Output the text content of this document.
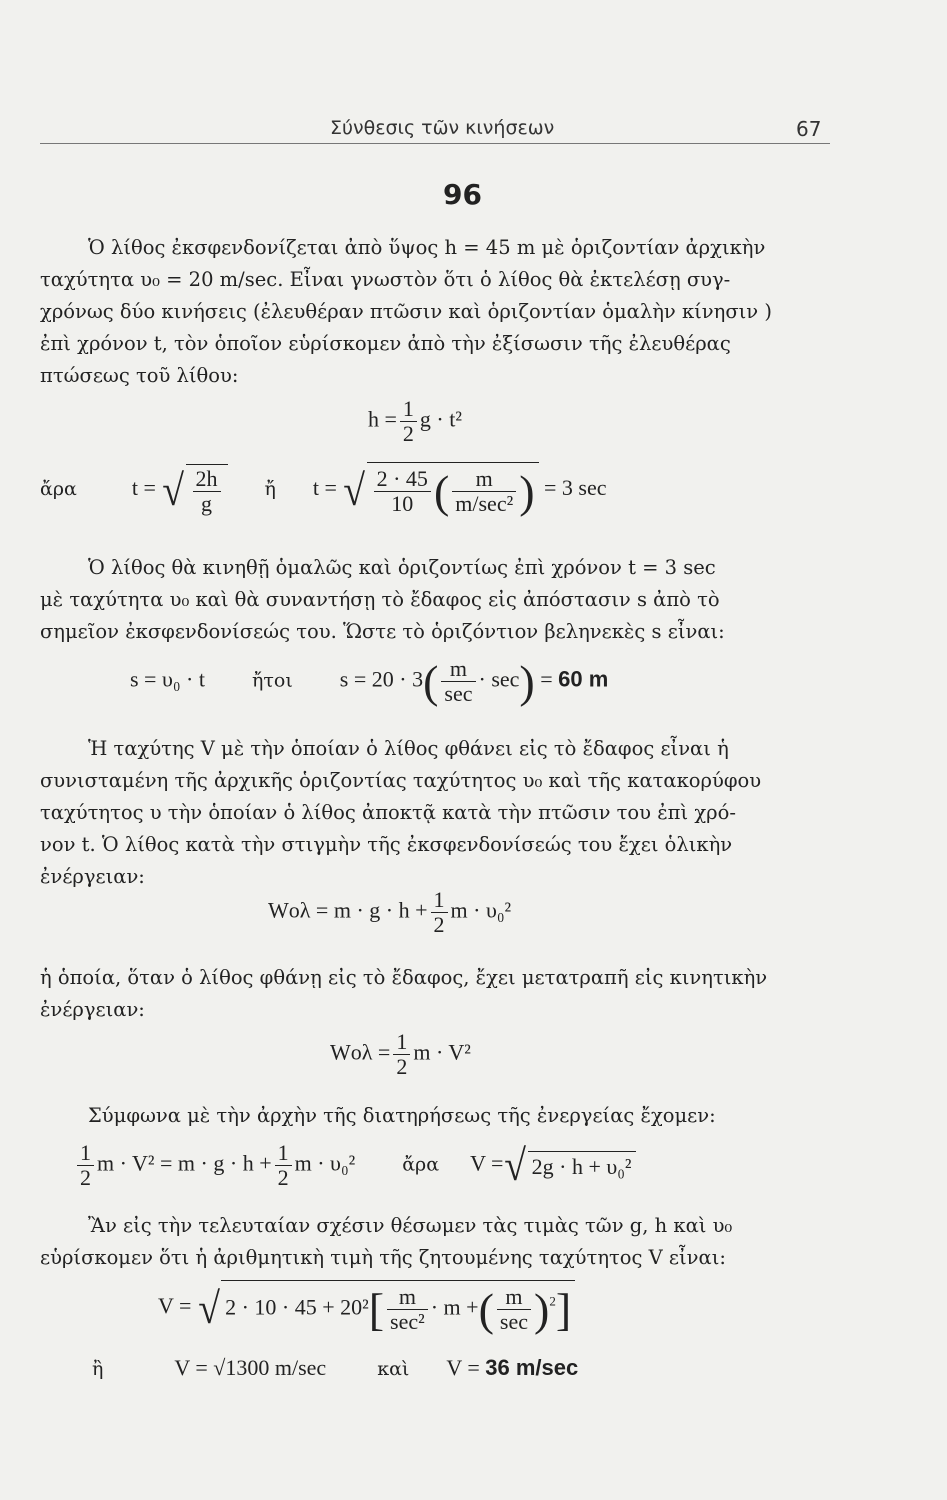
Σύνθεσις τῶν κινήσεων	67
96
Ὁ λίθος ἐκσφενδονίζεται ἀπὸ ὕψος h = 45 m μὲ ὁριζοντίαν ἀρχικὴν
ταχύτητα υ₀ = 20 m/sec. Εἶναι γνωστὸν ὅτι ὁ λίθος θὰ ἐκτελέσῃ συγ-
χρόνως δύο κινήσεις (ἐλευθέραν πτῶσιν καὶ ὁριζοντίαν ὁμαλὴν κίνησιν )
ἐπὶ χρόνον t, τὸν ὁποῖον εὑρίσκομεν ἀπὸ τὴν ἐξίσωσιν τῆς ἐλευθέρας
πτώσεως τοῦ λίθου:
$h = \frac{1}{2}$ g · t²
ἄρα	t = √ $\frac{2h}{g}$ ἤ t = √ $\frac{2 \cdot 45}{10}$ ( $\frac{m}{\text{m/sec²}}$ ) = 3 sec
Ὁ λίθος θὰ κινηθῇ ὁμαλῶς καὶ ὁριζοντίως ἐπὶ χρόνον t = 3 sec
μὲ ταχύτητα υ₀ καὶ θὰ συναντήσῃ τὸ ἔδαφος εἰς ἀπόστασιν s ἀπὸ τὸ
σημεῖον ἐκσφενδονίσεώς του. Ὥστε τὸ ὁριζόντιον βεληνεκὲς s εἶναι:
s = υ₀ · t ἤτοι $s = 20 \cdot 3( \frac{m}{\sec} \cdot \sec) = 60$ m
Ἡ ταχύτης V μὲ τὴν ὁποίαν ὁ λίθος φθάνει εἰς τὸ ἔδαφος εἶναι ἡ
συνισταμένη τῆς ἀρχικῆς ὁριζοντίας ταχύτητος υ₀ καὶ τῆς κατακορύφου
ταχύτητος υ τὴν ὁποίαν ὁ λίθος ἀποκτᾷ κατὰ τὴν πτῶσιν του ἐπὶ χρό-
νον t. Ὁ λίθος κατὰ τὴν στιγμὴν τῆς ἐκσφενδονίσεώς του ἔχει ὁλικὴν
ἐνέργειαν:
$Wo\lambda = m \cdot g \cdot h + \frac{1}{2}$ m · υ₀²
ἡ ὁποία, ὅταν ὁ λίθος φθάνῃ εἰς τὸ ἔδαφος, ἔχει μετατραπῆ εἰς κινητικὴν
ἐνέργειαν:
$Wo\lambda = \frac{1}{2}$ m · V²
Σύμφωνα μὲ τὴν ἀρχὴν τῆς διατηρήσεως τῆς ἐνεργείας ἔχομεν:
$\frac{1}{2}$ $m \cdot V^2 = m \cdot g \cdot h + \frac{1}{2}$ m · υ₀² ἄρα V =√ 2g · h + υ₀²
Ἂν εἰς τὴν τελευταίαν σχέσιν θέσωμεν τὰς τιμὰς τῶν g, h καὶ υ₀
εὑρίσκομεν ὅτι ἡ ἀριθμητικὴ τιμὴ τῆς ζητουμένης ταχύτητος V εἶναι:
V = √ $2 \cdot 10 \cdot 45 + 20^2[ \frac{m}{\text{sec²}} \cdot m$ +( $\frac{m}{\sec} )^2$]
ἢ	V = √1300 m/sec	καὶ V = 36 m/sec
